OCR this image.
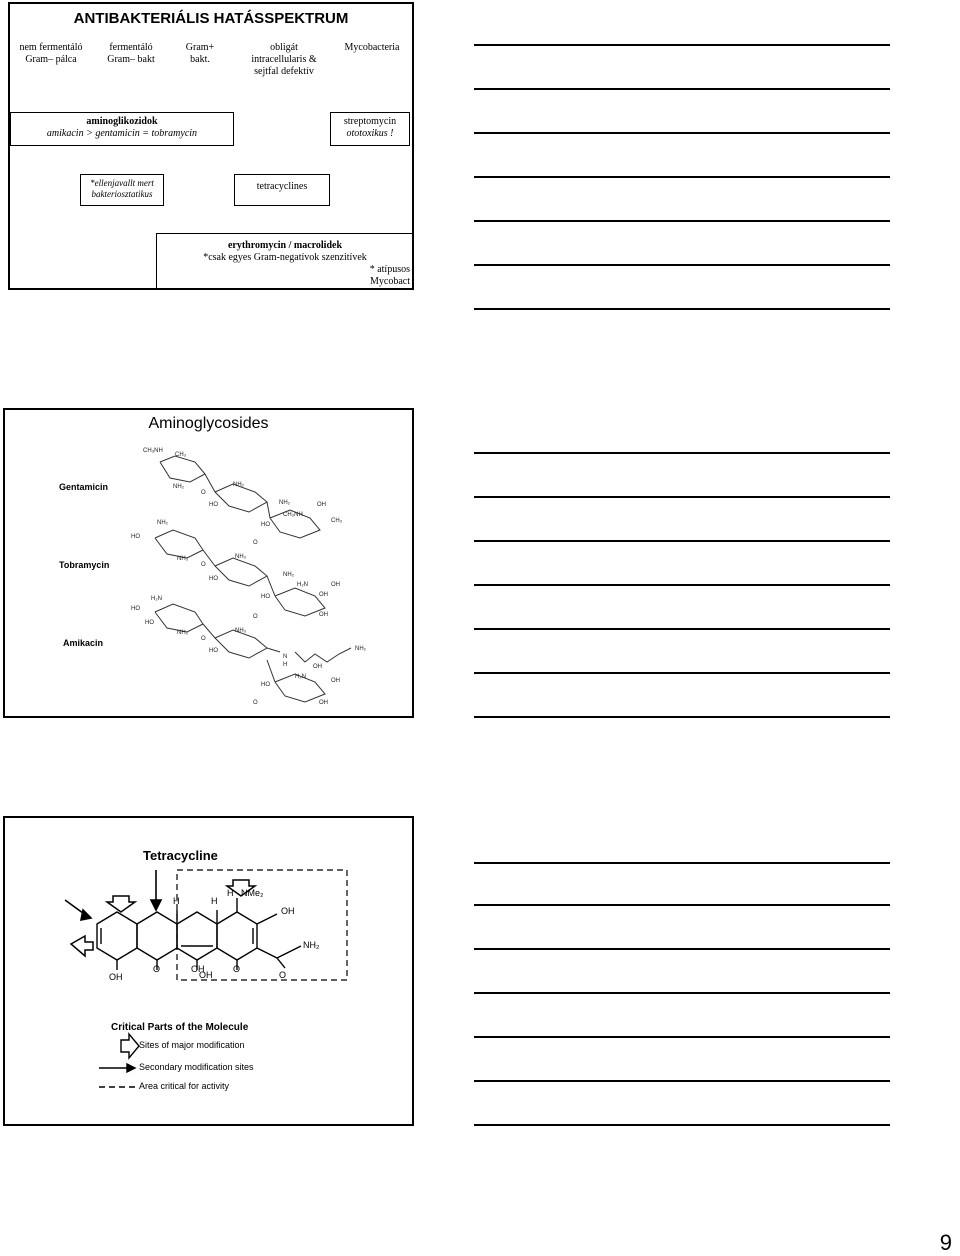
ANTIBAKTERIÁLIS HATÁSSPEKTRUM
nem fermentáló
Gram– pálca
fermentáló
Gram– bakt
Gram+
bakt.
obligát
intracellularis &
sejtfal defektív
Mycobacteria
aminoglikozidok
amikacin > gentamicin = tobramycin
streptomycin
ototoxikus !
*ellenjavallt mert
bakteriosztatikus
tetracyclines
erythromycin / macrolidek
*csak egyes Gram-negatívok szenzitívek
* atípusos
Mycobact
Aminoglycosides
Gentamicin
Tobramycin
Amikacin
CH₃NH
CH₃
NH₂
O
NH₂
HO	NH₂	OH
CH₃NH
HO
CH₃
O
NH₂
HO
NH₃
O
NH₃
HO
NH₂
H₂N	OH
HO	OH
O	OH
H₂N
HO
HO
NH₂
O
NH₃
HO
N
H	OH
NH₂
HO
H₂N
OH
O	OH
Tetracycline
H	H
H NMe₂
OH
OH
O	OH
OH
O
O
NH₂
Critical Parts of the Molecule
Sites of major modification
Secondary modification sites
Area critical for activity
9
